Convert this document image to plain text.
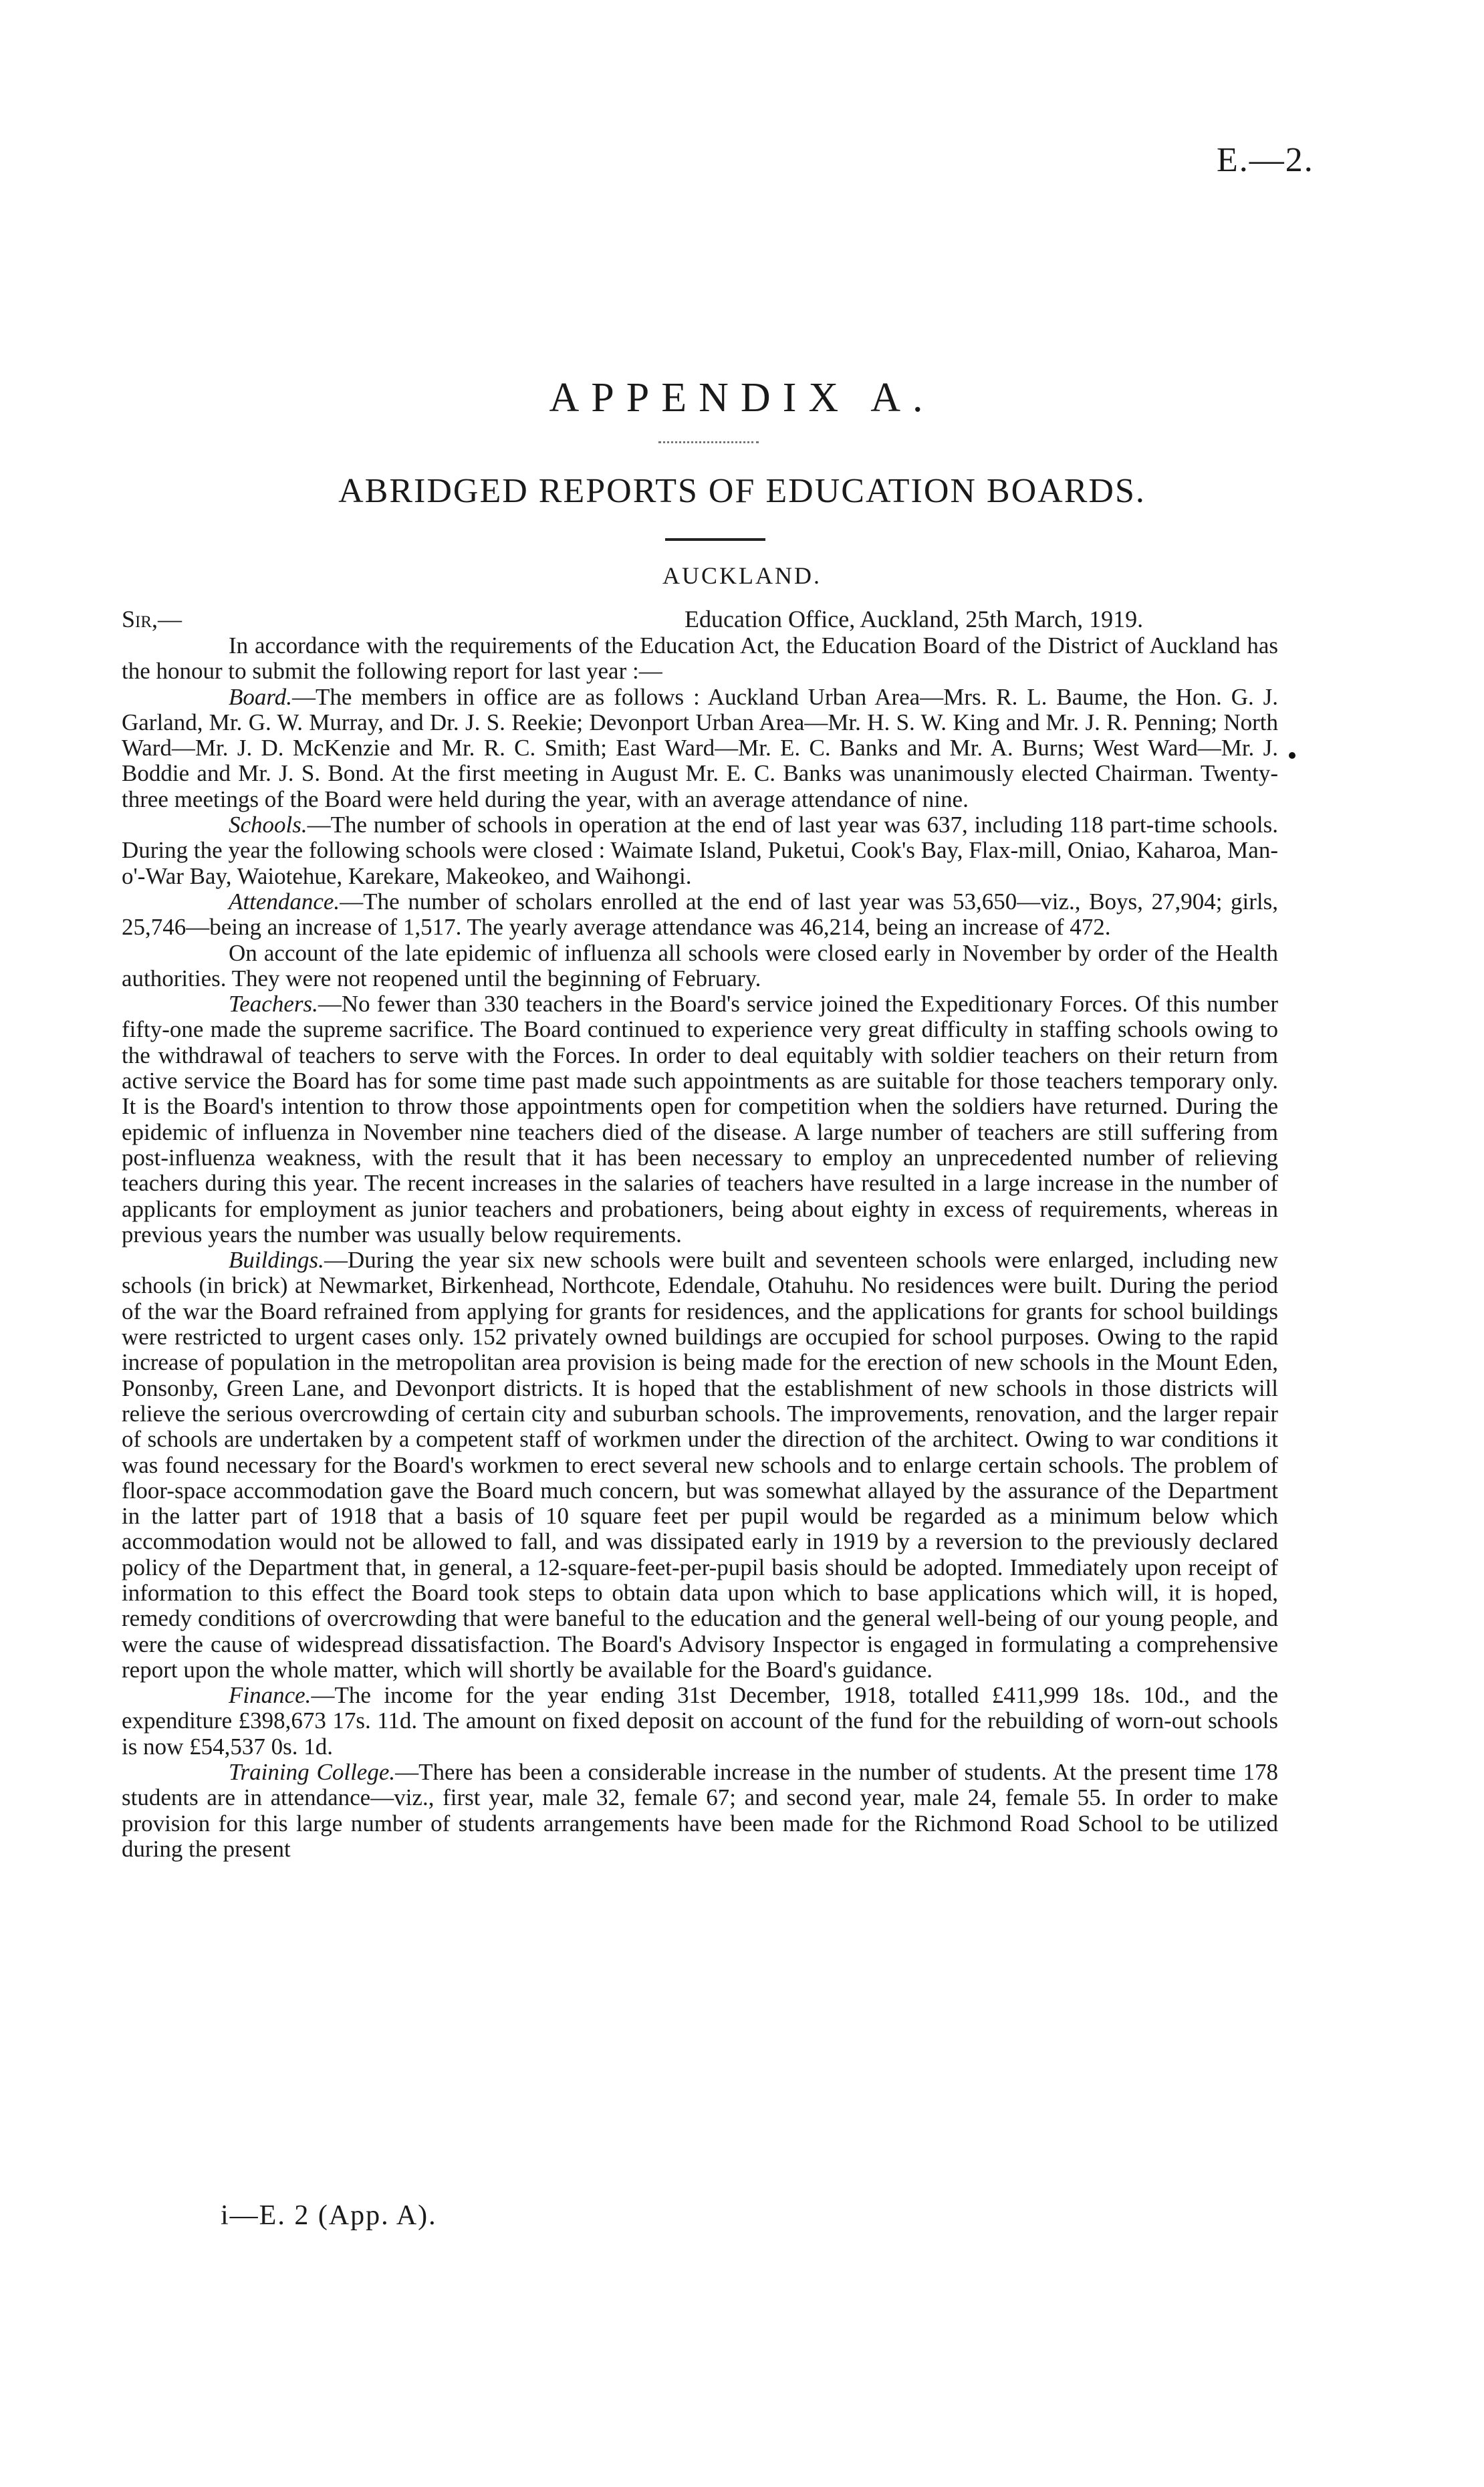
E.—2.
APPENDIX A.
ABRIDGED REPORTS OF EDUCATION BOARDS.
AUCKLAND.
Sir,—	Education Office, Auckland, 25th March, 1919.

In accordance with the requirements of the Education Act, the Education Board of the District of Auckland has the honour to submit the following report for last year :—

Board.—The members in office are as follows : Auckland Urban Area—Mrs. R. L. Baume, the Hon. G. J. Garland, Mr. G. W. Murray, and Dr. J. S. Reekie; Devonport Urban Area—Mr. H. S. W. King and Mr. J. R. Penning; North Ward—Mr. J. D. McKenzie and Mr. R. C. Smith; East Ward—Mr. E. C. Banks and Mr. A. Burns; West Ward—Mr. J. Boddie and Mr. J. S. Bond. At the first meeting in August Mr. E. C. Banks was unanimously elected Chairman. Twenty-three meetings of the Board were held during the year, with an average attendance of nine.

Schools.—The number of schools in operation at the end of last year was 637, including 118 part-time schools. During the year the following schools were closed : Waimate Island, Puketui, Cook's Bay, Flax-mill, Oniao, Kaharoa, Man-o'-War Bay, Waiotehue, Karekare, Makeokeo, and Waihongi.

Attendance.—The number of scholars enrolled at the end of last year was 53,650—viz., Boys, 27,904; girls, 25,746—being an increase of 1,517. The yearly average attendance was 46,214, being an increase of 472.

On account of the late epidemic of influenza all schools were closed early in November by order of the Health authorities. They were not reopened until the beginning of February.

Teachers.—No fewer than 330 teachers in the Board's service joined the Expeditionary Forces. Of this number fifty-one made the supreme sacrifice. The Board continued to experience very great difficulty in staffing schools owing to the withdrawal of teachers to serve with the Forces. In order to deal equitably with soldier teachers on their return from active service the Board has for some time past made such appointments as are suitable for those teachers temporary only. It is the Board's intention to throw those appointments open for competition when the soldiers have returned. During the epidemic of influenza in November nine teachers died of the disease. A large number of teachers are still suffering from post-influenza weakness, with the result that it has been necessary to employ an unprecedented number of relieving teachers during this year. The recent increases in the salaries of teachers have resulted in a large increase in the number of applicants for employment as junior teachers and probationers, being about eighty in excess of requirements, whereas in previous years the number was usually below requirements.

Buildings.—During the year six new schools were built and seventeen schools were enlarged, including new schools (in brick) at Newmarket, Birkenhead, Northcote, Edendale, Otahuhu. No residences were built. During the period of the war the Board refrained from applying for grants for residences, and the applications for grants for school buildings were restricted to urgent cases only. 152 privately owned buildings are occupied for school purposes. Owing to the rapid increase of population in the metropolitan area provision is being made for the erection of new schools in the Mount Eden, Ponsonby, Green Lane, and Devonport districts. It is hoped that the establishment of new schools in those districts will relieve the serious overcrowding of certain city and suburban schools. The improvements, renovation, and the larger repair of schools are undertaken by a competent staff of workmen under the direction of the architect. Owing to war conditions it was found necessary for the Board's workmen to erect several new schools and to enlarge certain schools. The problem of floor-space accommodation gave the Board much concern, but was somewhat allayed by the assurance of the Department in the latter part of 1918 that a basis of 10 square feet per pupil would be regarded as a minimum below which accommodation would not be allowed to fall, and was dissipated early in 1919 by a reversion to the previously declared policy of the Department that, in general, a 12-square-feet-per-pupil basis should be adopted. Immediately upon receipt of information to this effect the Board took steps to obtain data upon which to base applications which will, it is hoped, remedy conditions of overcrowding that were baneful to the education and the general well-being of our young people, and were the cause of widespread dissatisfaction. The Board's Advisory Inspector is engaged in formulating a comprehensive report upon the whole matter, which will shortly be available for the Board's guidance.

Finance.—The income for the year ending 31st December, 1918, totalled £411,999 18s. 10d., and the expenditure £398,673 17s. 11d. The amount on fixed deposit on account of the fund for the rebuilding of worn-out schools is now £54,537 0s. 1d.

Training College.—There has been a considerable increase in the number of students. At the present time 178 students are in attendance—viz., first year, male 32, female 67; and second year, male 24, female 55. In order to make provision for this large number of students arrangements have been made for the Richmond Road School to be utilized during the present

i—E. 2 (App. A).
